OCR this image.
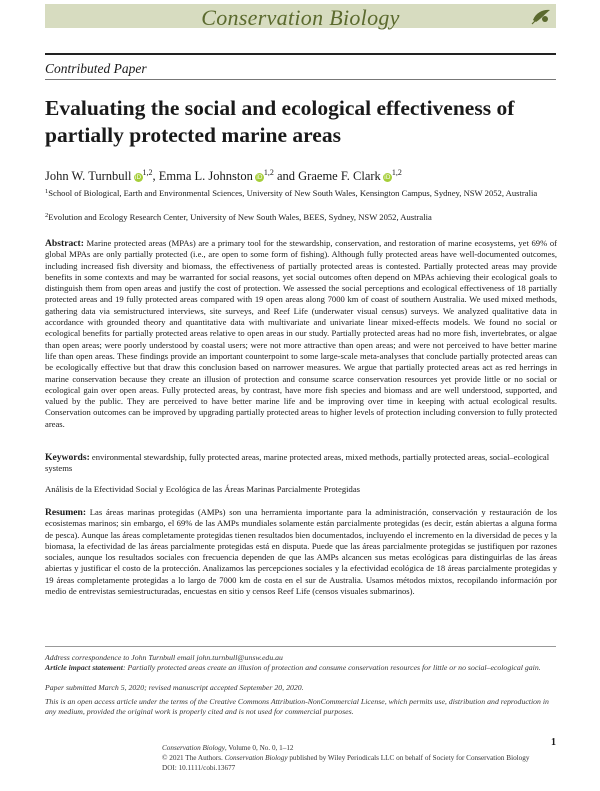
Conservation Biology
Contributed Paper
Evaluating the social and ecological effectiveness of partially protected marine areas
John W. Turnbull iD$^{1,2}$, Emma L. Johnston iD$^{1,2}$ and Graeme F. Clark iD$^{1,2}$
$^1$School of Biological, Earth and Environmental Sciences, University of New South Wales, Kensington Campus, Sydney, NSW 2052, Australia
$^2$Evolution and Ecology Research Center, University of New South Wales, BEES, Sydney, NSW 2052, Australia
Abstract: Marine protected areas (MPAs) are a primary tool for the stewardship, conservation, and restoration of marine ecosystems, yet 69% of global MPAs are only partially protected (i.e., are open to some form of fishing). Although fully protected areas have well-documented outcomes, including increased fish diversity and biomass, the effectiveness of partially protected areas is contested. Partially protected areas may provide benefits in some contexts and may be warranted for social reasons, yet social outcomes often depend on MPAs achieving their ecological goals to distinguish them from open areas and justify the cost of protection. We assessed the social perceptions and ecological effectiveness of 18 partially protected areas and 19 fully protected areas compared with 19 open areas along 7000 km of coast of southern Australia. We used mixed methods, gathering data via semistructured interviews, site surveys, and Reef Life (underwater visual census) surveys. We analyzed qualitative data in accordance with grounded theory and quantitative data with multivariate and univariate linear mixed-effects models. We found no social or ecological benefits for partially protected areas relative to open areas in our study. Partially protected areas had no more fish, invertebrates, or algae than open areas; were poorly understood by coastal users; were not more attractive than open areas; and were not perceived to have better marine life than open areas. These findings provide an important counterpoint to some large-scale meta-analyses that conclude partially protected areas can be ecologically effective but that draw this conclusion based on narrower measures. We argue that partially protected areas act as red herrings in marine conservation because they create an illusion of protection and consume scarce conservation resources yet provide little or no social or ecological gain over open areas. Fully protected areas, by contrast, have more fish species and biomass and are well understood, supported, and valued by the public. They are perceived to have better marine life and be improving over time in keeping with actual ecological results. Conservation outcomes can be improved by upgrading partially protected areas to higher levels of protection including conversion to fully protected areas.
Keywords: environmental stewardship, fully protected areas, marine protected areas, mixed methods, partially protected areas, social–ecological systems
Análisis de la Efectividad Social y Ecológica de las Áreas Marinas Parcialmente Protegidas
Resumen: Las áreas marinas protegidas (AMPs) son una herramienta importante para la administración, conservación y restauración de los ecosistemas marinos; sin embargo, el 69% de las AMPs mundiales solamente están parcialmente protegidas (es decir, están abiertas a alguna forma de pesca). Aunque las áreas completamente protegidas tienen resultados bien documentados, incluyendo el incremento en la diversidad de peces y la biomasa, la efectividad de las áreas parcialmente protegidas está en disputa. Puede que las áreas parcialmente protegidas se justifiquen por razones sociales, aunque los resultados sociales con frecuencia dependen de que las AMPs alcancen sus metas ecológicas para distinguirlas de las áreas abiertas y justificar el costo de la protección. Analizamos las percepciones sociales y la efectividad ecológica de 18 áreas parcialmente protegidas y 19 áreas completamente protegidas a lo largo de 7000 km de costa en el sur de Australia. Usamos métodos mixtos, recopilando información por medio de entrevistas semiestructuradas, encuestas en sitio y censos Reef Life (censos visuales submarinos).
Address correspondence to John Turnbull email john.turnbull@unsw.edu.au
Article impact statement: Partially protected areas create an illusion of protection and consume conservation resources for little or no social–ecological gain.
Paper submitted March 5, 2020; revised manuscript accepted September 20, 2020.
This is an open access article under the terms of the Creative Commons Attribution-NonCommercial License, which permits use, distribution and reproduction in any medium, provided the original work is properly cited and is not used for commercial purposes.
1
Conservation Biology, Volume 0, No. 0, 1–12
© 2021 The Authors. Conservation Biology published by Wiley Periodicals LLC on behalf of Society for Conservation Biology
DOI: 10.1111/cobi.13677
